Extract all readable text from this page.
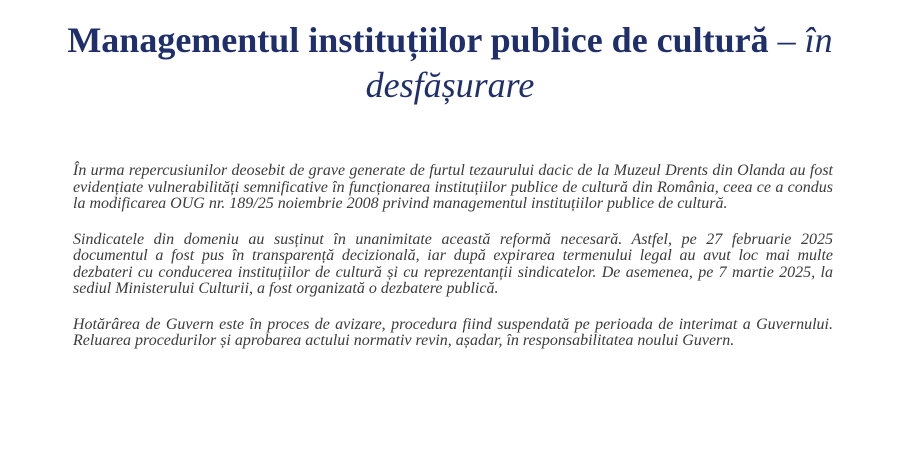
Managementul instituțiilor publice de cultură – în desfășurare

În urma repercusiunilor deosebit de grave generate de furtul tezaurului dacic de la Muzeul Drents din Olanda au fost evidențiate vulnerabilități semnificative în funcționarea instituțiilor publice de cultură din România, ceea ce a condus la modificarea OUG nr. 189/25 noiembrie 2008 privind managementul instituțiilor publice de cultură.

Sindicatele din domeniu au susținut în unanimitate această reformă necesară. Astfel, pe 27 februarie 2025 documentul a fost pus în transparență decizională, iar după expirarea termenului legal au avut loc mai multe dezbateri cu conducerea instituțiilor de cultură și cu reprezentanții sindicatelor. De asemenea, pe 7 martie 2025, la sediul Ministerului Culturii, a fost organizată o dezbatere publică.

Hotărârea de Guvern este în proces de avizare, procedura fiind suspendată pe perioada de interimat a Guvernului. Reluarea procedurilor și aprobarea actului normativ revin, așadar, în responsabilitatea noului Guvern.
